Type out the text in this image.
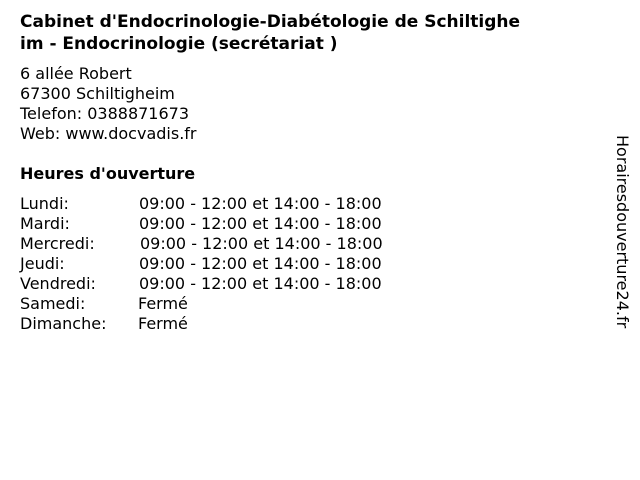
Cabinet d'Endocrinologie-Diabétologie de Schiltighe
im - Endocrinologie (secrétariat )
6 allée Robert
67300 Schiltigheim
Telefon: 0388871673
Web: www.docvadis.fr
Heures d'ouverture
Lundi:	09:00 - 12:00 et 14:00 - 18:00
Mardi:	09:00 - 12:00 et 14:00 - 18:00
Mercredi:	09:00 - 12:00 et 14:00 - 18:00
Jeudi:	09:00 - 12:00 et 14:00 - 18:00
Vendredi:	09:00 - 12:00 et 14:00 - 18:00
Samedi:	Fermé
Dimanche: Fermé	Horairesdouverture24.fr
